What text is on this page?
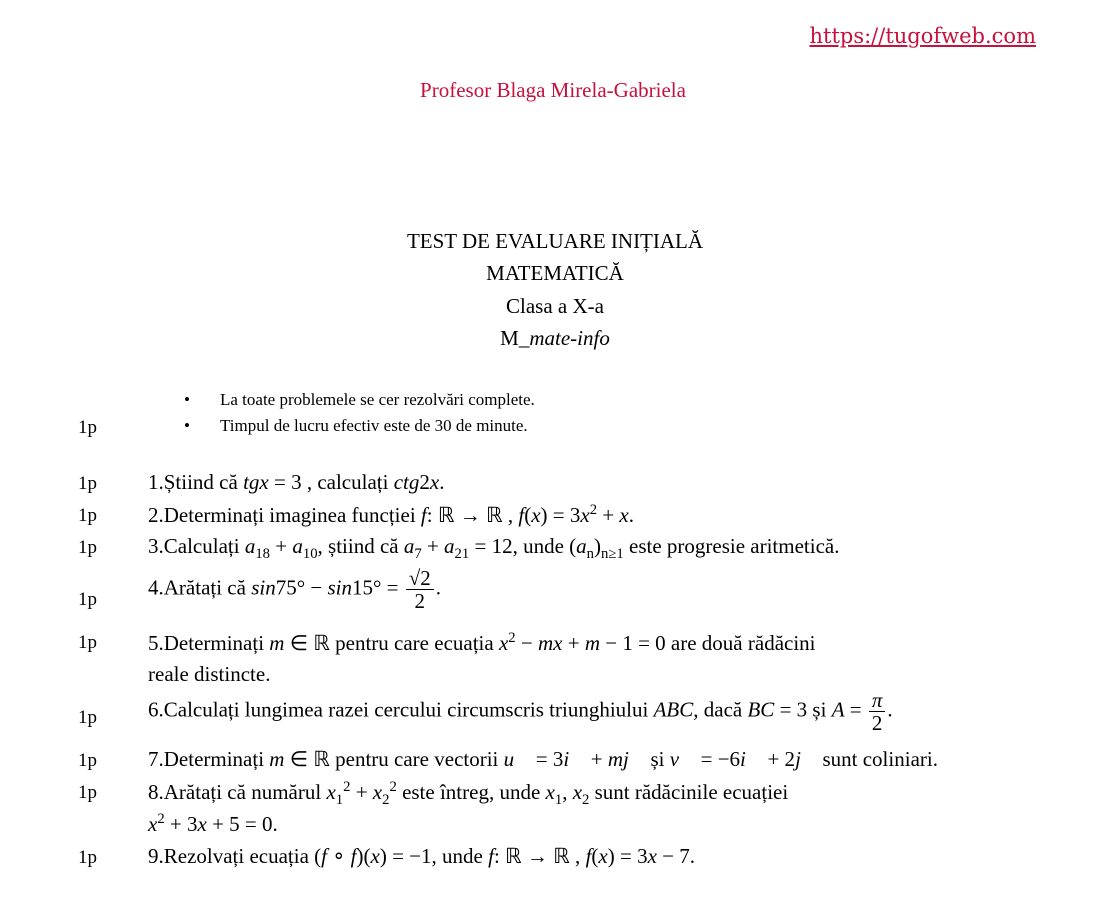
https://tugofweb.com
Profesor Blaga Mirela-Gabriela
TEST DE EVALUARE INIȚIALĂ
MATEMATICĂ
Clasa a X-a
M_mate-info
• La toate problemele se cer rezolvări complete.
• Timpul de lucru efectiv este de 30 de minute.
1p
1p
1p
1p
1p
1p
1p
1p
1p
1p
1.Știind că tgx = 3 , calculați ctg2x.
2.Determinați imaginea funcției f: ℝ → ℝ , $f(x) = 3x^2 + x$.
3.Calculați $a_{18} + a_{10}$, știind că $a_7 + a_{21} = 12$, unde $(a_n)_{n\ge 1}$ este progresie aritmetică.
4.Arătați că $\sin 75^\circ - \sin 15^\circ = \frac{√2}{2}$ .
5.Determinați m ∈ ℝ pentru care ecuația $x^2$ − mx + m − 1 = 0 are două rădăcini
reale distincte.
6.Calculați lungimea razei cercului circumscris triunghiului ABC, dacă BC = 3 și $A = \frac{\pi}{2}$ .
7.Determinați m ∈ ℝ pentru care vectorii u⃗ = 3i⃗ + mj⃗ și v⃗ = −6i⃗ + 2j⃗ sunt coliniari.
8.Arătați că numărul $x_1^2 + x_2^2$ este întreg, unde $x_1$, $x_2$ sunt rădăcinile ecuației
$x^2 + 3x + 5 = 0$.
9.Rezolvați ecuația (f ∘ f)(x) = −1, unde f: ℝ → ℝ , f(x) = 3x − 7.
